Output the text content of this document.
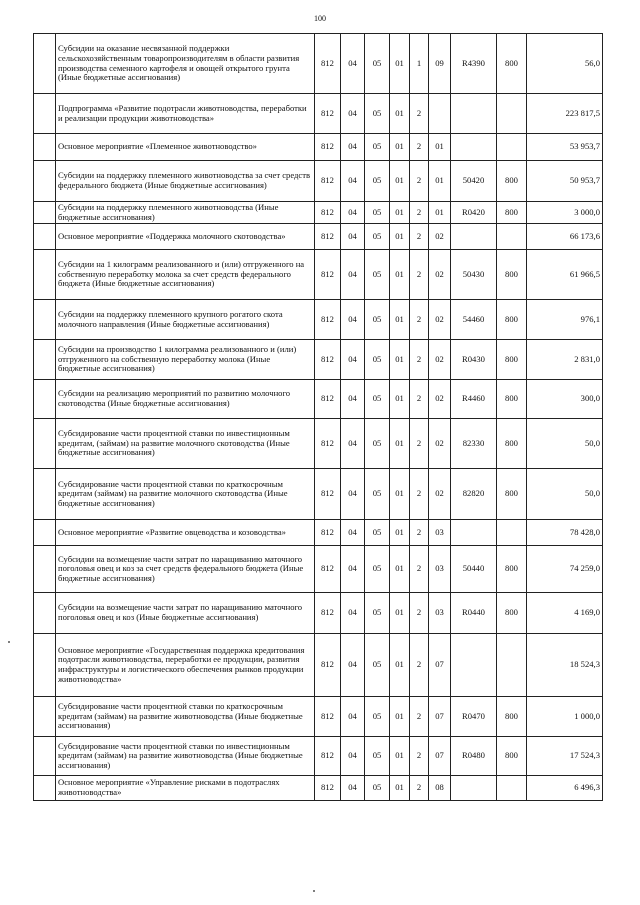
100
	Субсидии на оказание несвязанной поддержки сельскохозяйственным товаропроизводителям в области развития производства семенного картофеля и овощей открытого грунта (Иные бюджетные ассигнования)	812	04	05	01	1	09	R4390	800	56,0
	Подпрограмма «Развитие подотрасли животноводства, переработки и реализации продукции животноводства»	812	04	05	01	2				223 817,5
	Основное мероприятие «Племенное животноводство»	812	04	05	01	2	01			53 953,7
	Субсидии на поддержку племенного животноводства за счет средств федерального бюджета (Иные бюджетные ассигнования)	812	04	05	01	2	01	50420	800	50 953,7
	Субсидии на поддержку племенного животноводства (Иные бюджетные ассигнования)	812	04	05	01	2	01	R0420	800	3 000,0
	Основное мероприятие «Поддержка молочного скотоводства»	812	04	05	01	2	02			66 173,6
	Субсидии на 1 килограмм реализованного и (или) отгруженного на собственную переработку молока за счет средств федерального бюджета (Иные бюджетные ассигнования)	812	04	05	01	2	02	50430	800	61 966,5
	Субсидии на поддержку племенного крупного рогатого скота молочного направления (Иные бюджетные ассигнования)	812	04	05	01	2	02	54460	800	976,1
	Субсидии на производство 1 килограмма реализованного и (или) отгруженного на собственную переработку молока (Иные бюджетные ассигнования)	812	04	05	01	2	02	R0430	800	2 831,0
	Субсидии на реализацию мероприятий по развитию молочного скотоводства (Иные бюджетные ассигнования)	812	04	05	01	2	02	R4460	800	300,0
	Субсидирование части процентной ставки по инвестиционным кредитам, (займам) на развитие молочного скотоводства (Иные бюджетные ассигнования)	812	04	05	01	2	02	82330	800	50,0
	Субсидирование части процентной ставки по краткосрочным кредитам (займам) на развитие молочного скотоводства (Иные бюджетные ассигнования)	812	04	05	01	2	02	82820	800	50,0
	Основное мероприятие «Развитие овцеводства и козоводства»	812	04	05	01	2	03			78 428,0
	Субсидии на возмещение части затрат по наращиванию маточного поголовья овец и коз за счет средств федерального бюджета (Иные бюджетные ассигнования)	812	04	05	01	2	03	50440	800	74 259,0
	Субсидии на возмещение части затрат по наращиванию маточного поголовья овец и коз (Иные бюджетные ассигнования)	812	04	05	01	2	03	R0440	800	4 169,0
	Основное мероприятие «Государственная поддержка кредитования подотрасли животноводства, переработки ее продукции, развития инфраструктуры и логистического обеспечения рынков продукции животноводства»	812	04	05	01	2	07			18 524,3
	Субсидирование части процентной ставки по краткосрочным кредитам (займам) на развитие животноводства (Иные бюджетные ассигнования)	812	04	05	01	2	07	R0470	800	1 000,0
	Субсидирование части процентной ставки по инвестиционным кредитам (займам) на развитие животноводства (Иные бюджетные ассигнования)	812	04	05	01	2	07	R0480	800	17 524,3
	Основное мероприятие «Управление рисками в подотраслях животноводства»	812	04	05	01	2	08			6 496,3
